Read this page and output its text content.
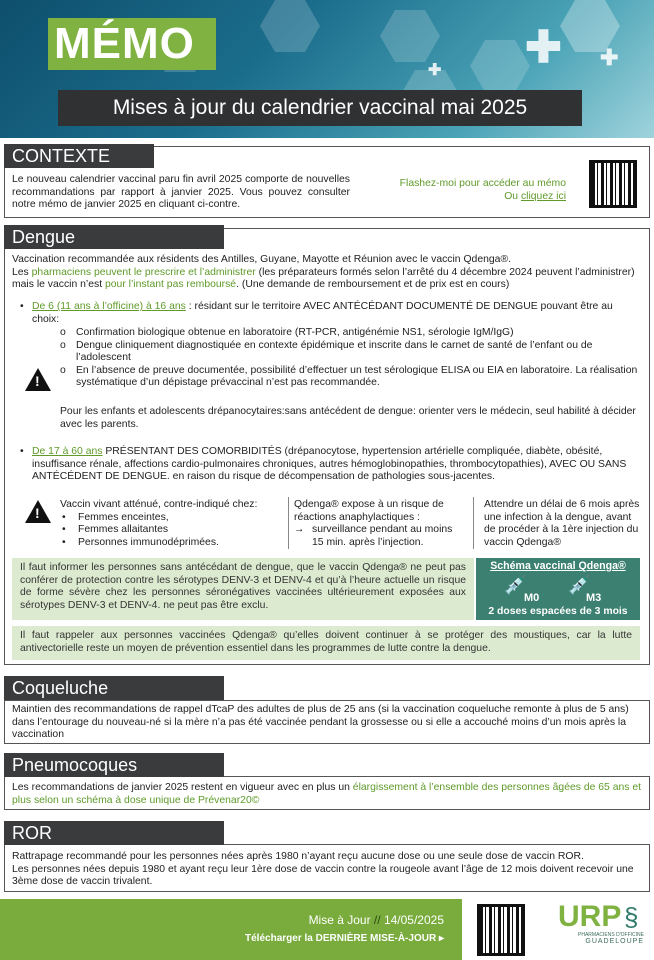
✚ ✚
✚
MÉMO
Mises à jour du calendrier vaccinal mai 2025
CONTEXTE
Le nouveau calendrier vaccinal paru fin avril 2025 comporte de nouvelles recommandations par rapport à janvier 2025. Vous pouvez consulter notre mémo de janvier 2025 en cliquant ci-contre.
Flashez-moi pour accéder au mémo
Ou cliquez ici
Dengue
Vaccination recommandée aux résidents des Antilles, Guyane, Mayotte et Réunion avec le vaccin Qdenga®.
Les pharmaciens peuvent le prescrire et l’administrer (les préparateurs formés selon l’arrêté du 4 décembre 2024 peuvent l’administrer) mais le vaccin n’est pour l’instant pas remboursé. (Une demande de remboursement et de prix est en cours)
• De 6 (11 ans à l’officine) à 16 ans : résidant sur le territoire AVEC ANTÉCÉDANT DOCUMENTÉ DE DENGUE pouvant être au choix:
o Confirmation biologique obtenue en laboratoire (RT-PCR, antigénémie NS1, sérologie IgM/IgG)
o Dengue cliniquement diagnostiquée en contexte épidémique et inscrite dans le carnet de santé de l’enfant ou de l’adolescent
o En l’absence de preuve documentée, possibilité d’effectuer un test sérologique ELISA ou EIA en laboratoire. La réalisation systématique d’un dépistage prévaccinal n’est pas recommandée.
!
Pour les enfants et adolescents drépanocytaires:sans antécédent de dengue: orienter vers le médecin, seul habilité à décider avec les parents.
• De 17 à 60 ans PRÉSENTANT DES COMORBIDITÉS (drépanocytose, hypertension artérielle compliquée, diabète, obésité, insuffisance rénale, affections cardio-pulmonaires chroniques, autres hémoglobinopathies, thrombocytopathies), AVEC OU SANS ANTÉCÉDENT DE DENGUE. en raison du risque de décompensation de pathologies sous-jacentes.
!
Vaccin vivant atténué, contre-indiqué chez:
• Femmes enceintes,
• Femmes allaitantes
• Personnes immunodéprimées.
Qdenga® expose à un risque de réactions anaphylactiques :
→ surveillance pendant au moins 15 min. après l’injection.
Attendre un délai de 6 mois après une infection à la dengue, avant de procéder à la 1ère injection du vaccin Qdenga®
Il faut informer les personnes sans antécédant de dengue, que le vaccin Qdenga® ne peut pas conférer de protection contre les sérotypes DENV-3 et DENV-4 et qu’à l’heure actuelle un risque de forme sévère chez les personnes séronégatives vaccinées ultérieurement exposées aux sérotypes DENV-3 et DENV-4. ne peut pas être exclu.
Schéma vaccinal Qdenga®
💉 💉
M0	M3
2 doses espacées de 3 mois
Il faut rappeler aux personnes vaccinées Qdenga® qu’elles doivent continuer à se protéger des moustiques, car la lutte antivectorielle reste un moyen de prévention essentiel dans les programmes de lutte contre la dengue.
Coqueluche
Maintien des recommandations de rappel dTcaP des adultes de plus de 25 ans (si la vaccination coqueluche remonte à plus de 5 ans) dans l’entourage du nouveau-né si la mère n’a pas été vaccinée pendant la grossesse ou si elle a accouché moins d’un mois après la vaccination
Pneumocoques
Les recommandations de janvier 2025 restent en vigueur avec en plus un élargissement à l’ensemble des personnes âgées de 65 ans et plus selon un schéma à dose unique de Prévenar20©
ROR
Rattrapage recommandé pour les personnes nées après 1980 n’ayant reçu aucune dose ou une seule dose de vaccin ROR.
Les personnes nées depuis 1980 et ayant reçu leur 1ère dose de vaccin contre la rougeole avant l’âge de 12 mois doivent recevoir une 3ème dose de vaccin trivalent.
Mise à Jour // 14/05/2025
Télécharger la DERNIÈRE MISE-À-JOUR ▸
URP §
PHARMACIENS D'OFFICINE
GUADELOUPE
